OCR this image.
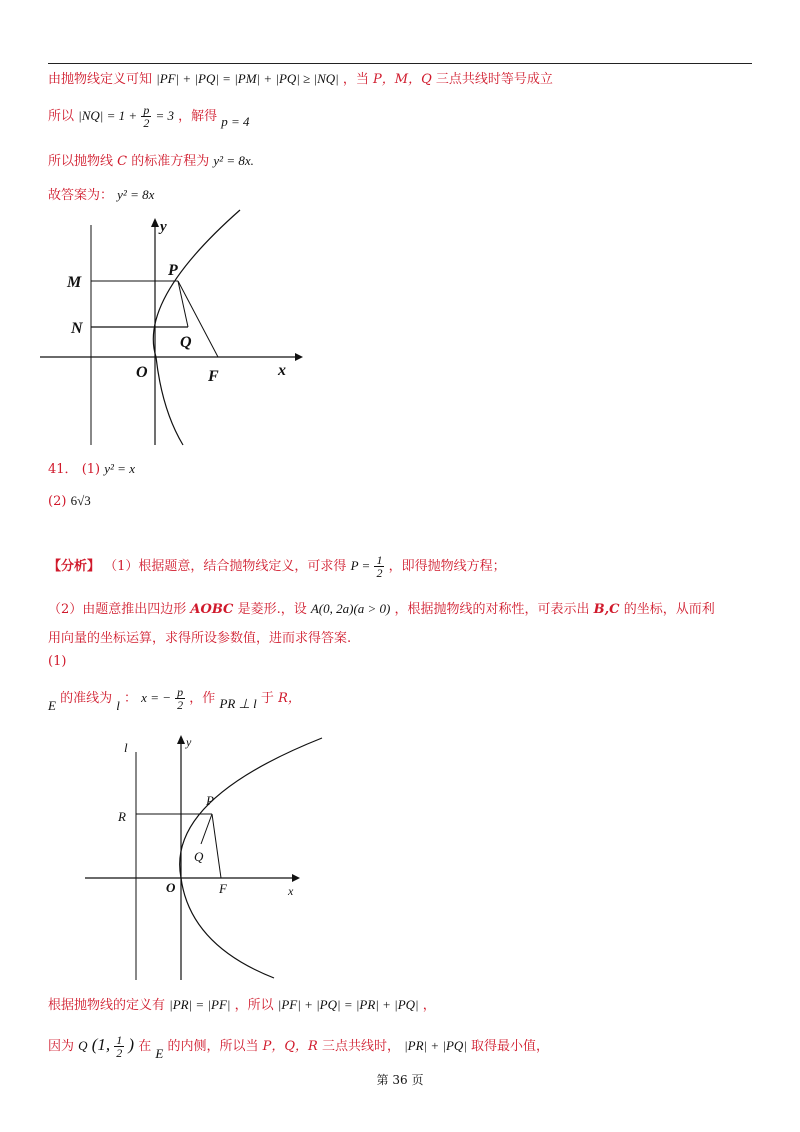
由抛物线定义可知 |PF| + |PQ| = |PM| + |PQ| ≥ |NQ| ，当 P，M，Q 三点共线时等号成立
所以 $|NQ| = 1 + \frac{p}{2} = 3$ ，解得 p = 4
所以抛物线 C 的标准方程为 y² = 8x.
故答案为： y² = 8x
y
x
M
N
P
Q
O	F
41． (1) y² = x
(2) 6√3
【分析】 （1）根据题意，结合抛物线定义，可求得 $P = \frac{1}{2}$ ，即得抛物线方程；
（2）由题意推出四边形 AOBC 是菱形.，设 A(0, 2a)(a > 0) ，根据抛物线的对称性，可表示出 B,C 的坐标，从而利
用向量的坐标运算，求得所设参数值，进而求得答案.
(1)
E 的准线为 l ： x = − $\frac{p}{2}$ ，作 PR ⊥ l 于 R，
l	y
x
P
R
Q
O	F
根据抛物线的定义有 |PR| = |PF| ，所以 |PF| + |PQ| = |PR| + |PQ| ，
因为 Q (1, $\frac{1}{2}$ ) 在 E 的内侧，所以当 P，Q，R 三点共线时， |PR| + |PQ| 取得最小值，
第 36 页
